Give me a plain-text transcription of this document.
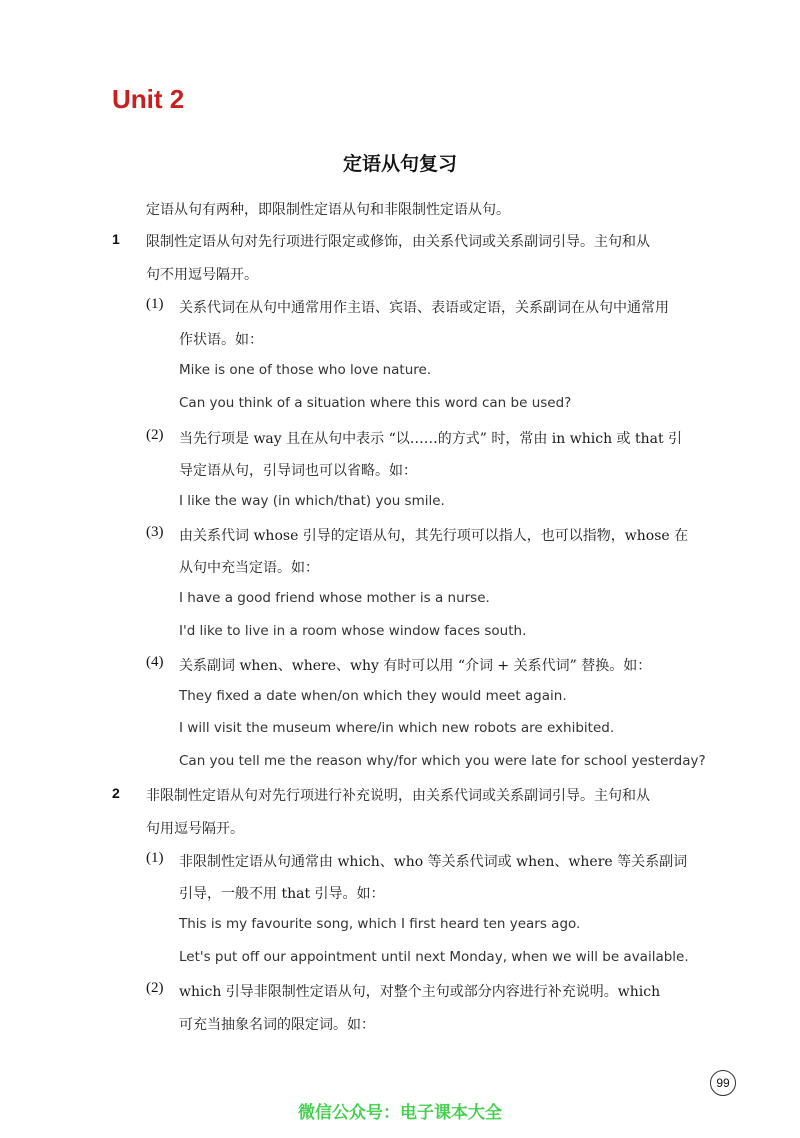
Unit 2
定语从句复习
定语从句有两种，即限制性定语从句和非限制性定语从句。
1 限制性定语从句对先行项进行限定或修饰，由关系代词或关系副词引导。主句和从
句不用逗号隔开。
(1) 关系代词在从句中通常用作主语、宾语、表语或定语，关系副词在从句中通常用
作状语。如：
Mike is one of those who love nature.
Can you think of a situation where this word can be used?
(2) 当先行项是 way 且在从句中表示 “以……的方式” 时，常由 in which 或 that 引
导定语从句，引导词也可以省略。如：
I like the way (in which/that) you smile.
(3) 由关系代词 whose 引导的定语从句，其先行项可以指人，也可以指物，whose 在
从句中充当定语。如：
I have a good friend whose mother is a nurse.
I'd like to live in a room whose window faces south.
(4) 关系副词 when、where、why 有时可以用 “介词 + 关系代词” 替换。如：
They fixed a date when/on which they would meet again.
I will visit the museum where/in which new robots are exhibited.
Can you tell me the reason why/for which you were late for school yesterday?
2 非限制性定语从句对先行项进行补充说明，由关系代词或关系副词引导。主句和从
句用逗号隔开。
(1) 非限制性定语从句通常由 which、who 等关系代词或 when、where 等关系副词
引导，一般不用 that 引导。如：
This is my favourite song, which I first heard ten years ago.
Let's put off our appointment until next Monday, when we will be available.
(2) which 引导非限制性定语从句，对整个主句或部分内容进行补充说明。which
可充当抽象名词的限定词。如：
99
微信公众号：电子课本大全
